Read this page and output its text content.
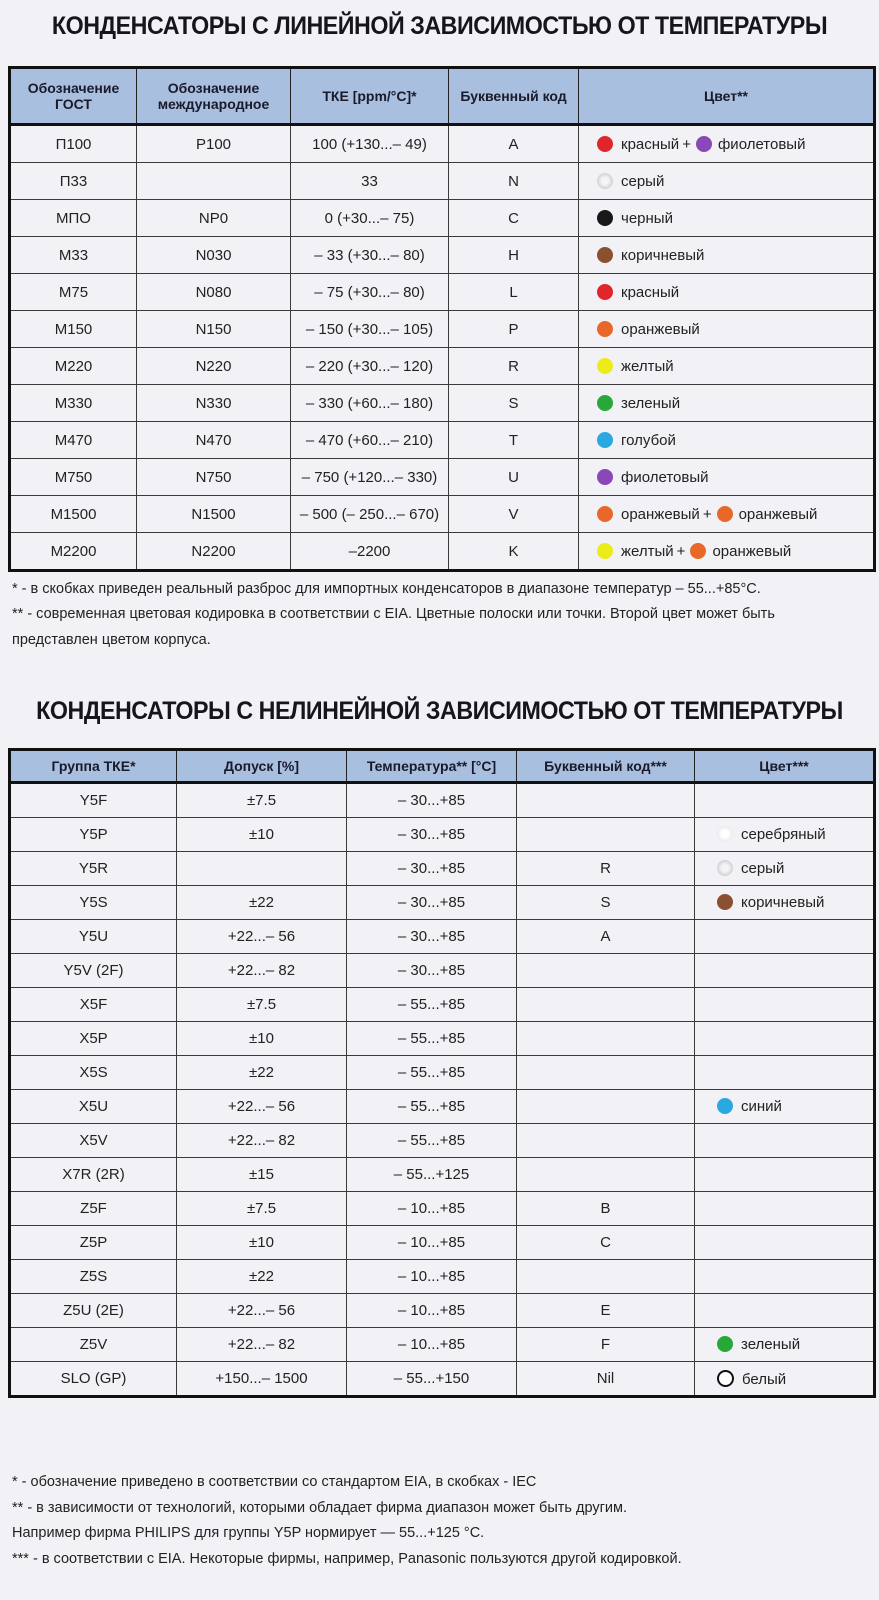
КОНДЕНСАТОРЫ С ЛИНЕЙНОЙ ЗАВИСИМОСТЬЮ ОТ ТЕМПЕРАТУРЫ
Обозначение ГОСТ	Обозначение международное	ТКЕ [ppm/°C]*	Буквенный код	Цвет**
П100	P100	100 (+130...– 49)	A	красный + фиолетовый
П33		33	N	серый
МПО	NP0	0 (+30...– 75)	C	черный
М33	N030	– 33 (+30...– 80)	H	коричневый
М75	N080	– 75 (+30...– 80)	L	красный
М150	N150	– 150 (+30...– 105)	P	оранжевый
М220	N220	– 220 (+30...– 120)	R	желтый
М330	N330	– 330 (+60...– 180)	S	зеленый
М470	N470	– 470 (+60...– 210)	T	голубой
М750	N750	– 750 (+120...– 330)	U	фиолетовый
М1500	N1500	– 500 (– 250...– 670)	V	оранжевый + оранжевый
М2200	N2200	–2200	K	желтый + оранжевый
* - в скобках приведен реальный разброс для импортных конденсаторов в диапазоне температур – 55...+85°C.
** - современная цветовая кодировка в соответствии с EIA. Цветные полоски или точки. Второй цвет может быть
представлен цветом корпуса.
КОНДЕНСАТОРЫ С НЕЛИНЕЙНОЙ ЗАВИСИМОСТЬЮ ОТ ТЕМПЕРАТУРЫ
Группа ТКЕ*	Допуск [%]	Температура** [°C]	Буквенный код***	Цвет***
Y5F	±7.5	– 30...+85		
Y5P	±10	– 30...+85		серебряный
Y5R		– 30...+85	R	серый
Y5S	±22	– 30...+85	S	коричневый
Y5U	+22...– 56	– 30...+85	A	
Y5V (2F)	+22...– 82	– 30...+85		
X5F	±7.5	– 55...+85		
X5P	±10	– 55...+85		
X5S	±22	– 55...+85		
X5U	+22...– 56	– 55...+85		синий
X5V	+22...– 82	– 55...+85		
X7R (2R)	±15	– 55...+125		
Z5F	±7.5	– 10...+85	B	
Z5P	±10	– 10...+85	C	
Z5S	±22	– 10...+85		
Z5U (2E)	+22...– 56	– 10...+85	E	
Z5V	+22...– 82	– 10...+85	F	зеленый
SLO (GP)	+150...– 1500	– 55...+150	Nil	белый
* - обозначение приведено в соответствии со стандартом EIA, в скобках - IEC
** - в зависимости от технологий, которыми обладает фирма диапазон может быть другим.
Например фирма PHILIPS для группы Y5P нормирует — 55...+125 °C.
*** - в соответствии с EIA. Некоторые фирмы, например, Panasonic пользуются другой кодировкой.
